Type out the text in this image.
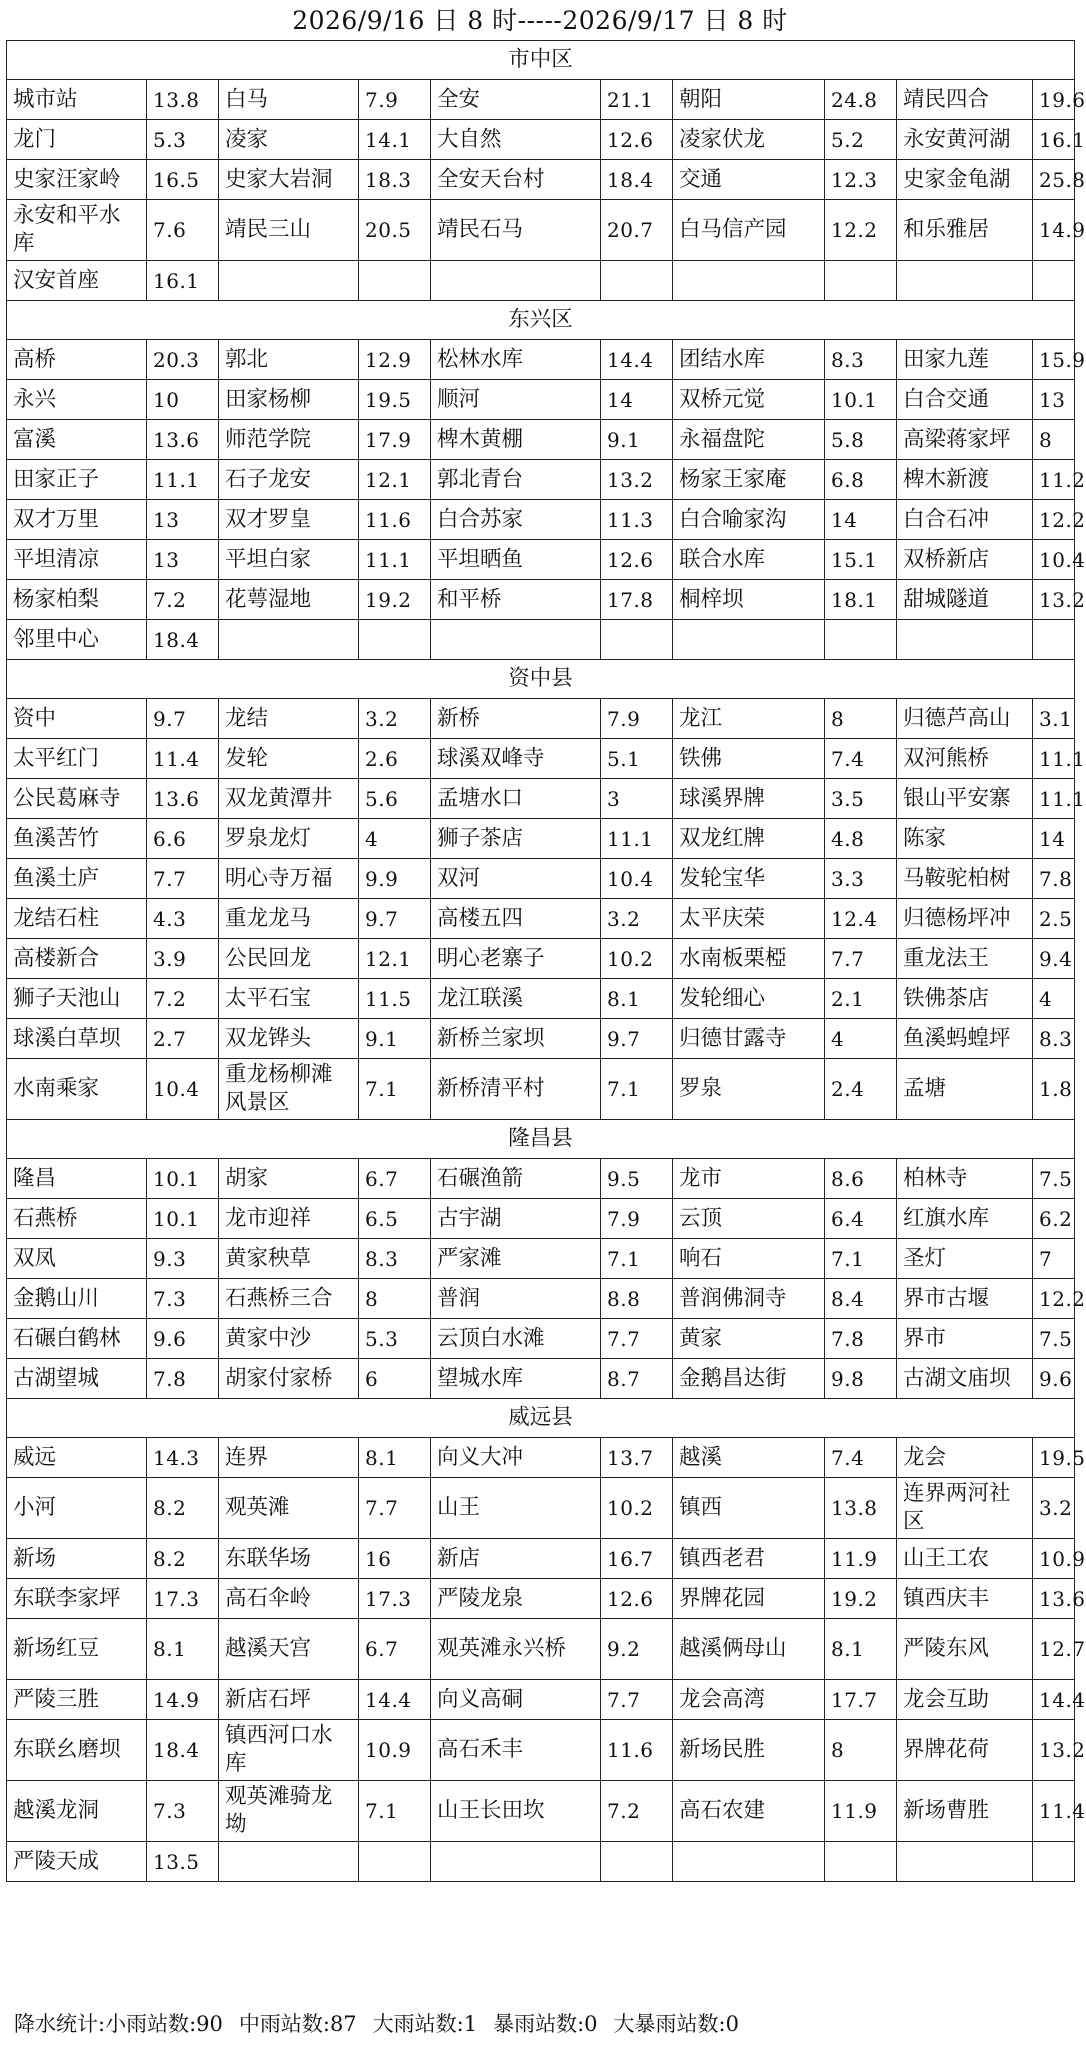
2026/9/16 日 8 时-----2026/9/17 日 8 时
市中区									
城市站	13.8	白马	7.9	全安	21.1	朝阳	24.8	靖民四合	19.6
龙门	5.3	凌家	14.1	大自然	12.6	凌家伏龙	5.2	永安黄河湖	16.1
史家汪家岭	16.5	史家大岩洞	18.3	全安天台村	18.4	交通	12.3	史家金龟湖	25.8
永安和平水库	7.6	靖民三山	20.5	靖民石马	20.7	白马信产园	12.2	和乐雅居	14.9
汉安首座	16.1								
东兴区									
高桥	20.3	郭北	12.9	松林水库	14.4	团结水库	8.3	田家九莲	15.9
永兴	10	田家杨柳	19.5	顺河	14	双桥元觉	10.1	白合交通	13
富溪	13.6	师范学院	17.9	椑木黄棚	9.1	永福盘陀	5.8	高梁蒋家坪	8
田家正子	11.1	石子龙安	12.1	郭北青台	13.2	杨家王家庵	6.8	椑木新渡	11.2
双才万里	13	双才罗皇	11.6	白合苏家	11.3	白合喻家沟	14	白合石冲	12.2
平坦清凉	13	平坦白家	11.1	平坦晒鱼	12.6	联合水库	15.1	双桥新店	10.4
杨家柏梨	7.2	花萼湿地	19.2	和平桥	17.8	桐梓坝	18.1	甜城隧道	13.2
邻里中心	18.4								
资中县									
资中	9.7	龙结	3.2	新桥	7.9	龙江	8	归德芦高山	3.1
太平红门	11.4	发轮	2.6	球溪双峰寺	5.1	铁佛	7.4	双河熊桥	11.1
公民葛麻寺	13.6	双龙黄潭井	5.6	孟塘水口	3	球溪界牌	3.5	银山平安寨	11.1
鱼溪苦竹	6.6	罗泉龙灯	4	狮子茶店	11.1	双龙红牌	4.8	陈家	14
鱼溪土庐	7.7	明心寺万福	9.9	双河	10.4	发轮宝华	3.3	马鞍驼柏树	7.8
龙结石柱	4.3	重龙龙马	9.7	高楼五四	3.2	太平庆荣	12.4	归德杨坪冲	2.5
高楼新合	3.9	公民回龙	12.1	明心老寨子	10.2	水南板栗椏	7.7	重龙法王	9.4
狮子天池山	7.2	太平石宝	11.5	龙江联溪	8.1	发轮细心	2.1	铁佛茶店	4
球溪白草坝	2.7	双龙铧头	9.1	新桥兰家坝	9.7	归德甘露寺	4	鱼溪蚂蝗坪	8.3
水南乘家	10.4	重龙杨柳滩风景区	7.1	新桥清平村	7.1	罗泉	2.4	孟塘	1.8
隆昌县									
隆昌	10.1	胡家	6.7	石碾渔箭	9.5	龙市	8.6	柏林寺	7.5
石燕桥	10.1	龙市迎祥	6.5	古宇湖	7.9	云顶	6.4	红旗水库	6.2
双凤	9.3	黄家秧草	8.3	严家滩	7.1	响石	7.1	圣灯	7
金鹅山川	7.3	石燕桥三合	8	普润	8.8	普润佛洞寺	8.4	界市古堰	12.2
石碾白鹤林	9.6	黄家中沙	5.3	云顶白水滩	7.7	黄家	7.8	界市	7.5
古湖望城	7.8	胡家付家桥	6	望城水库	8.7	金鹅昌达街	9.8	古湖文庙坝	9.6
威远县									
威远	14.3	连界	8.1	向义大冲	13.7	越溪	7.4	龙会	19.5
小河	8.2	观英滩	7.7	山王	10.2	镇西	13.8	连界两河社区	3.2
新场	8.2	东联华场	16	新店	16.7	镇西老君	11.9	山王工农	10.9
东联李家坪	17.3	高石伞岭	17.3	严陵龙泉	12.6	界牌花园	19.2	镇西庆丰	13.6
新场红豆	8.1	越溪天宫	6.7	观英滩永兴桥	9.2	越溪俩母山	8.1	严陵东风	12.7
严陵三胜	14.9	新店石坪	14.4	向义高硐	7.7	龙会高湾	17.7	龙会互助	14.4
东联幺磨坝	18.4	镇西河口水库	10.9	高石禾丰	11.6	新场民胜	8	界牌花荷	13.2
越溪龙洞	7.3	观英滩骑龙坳	7.1	山王长田坎	7.2	高石农建	11.9	新场曹胜	11.4
严陵天成	13.5								
降水统计:小雨站数:90 中雨站数:87 大雨站数:1 暴雨站数:0 大暴雨站数:0
